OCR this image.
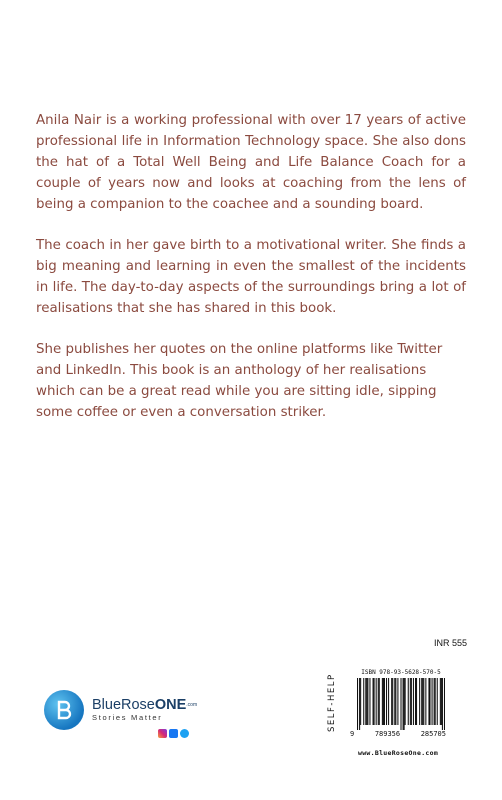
Anila Nair is a working professional with over 17 years of active professional life in Information Technology space. She also dons the hat of a Total Well Being and Life Balance Coach for a couple of years now and looks at coaching from the lens of being a companion to the coachee and a sounding board.

The coach in her gave birth to a motivational writer. She finds a big meaning and learning in even the smallest of the incidents in life. The day-to-day aspects of the surroundings bring a lot of realisations that she has shared in this book.

She publishes her quotes on the online platforms like Twitter and LinkedIn. This book is an anthology of her realisations which can be a great read while you are sitting idle, sipping some coffee or even a conversation striker.

BlueRoseONE$^{.com}$
Stories Matter
INR 555
SELF-HELP
ISBN 978-93-5628-570-5
9	789356	285705
www.BlueRoseOne.com
